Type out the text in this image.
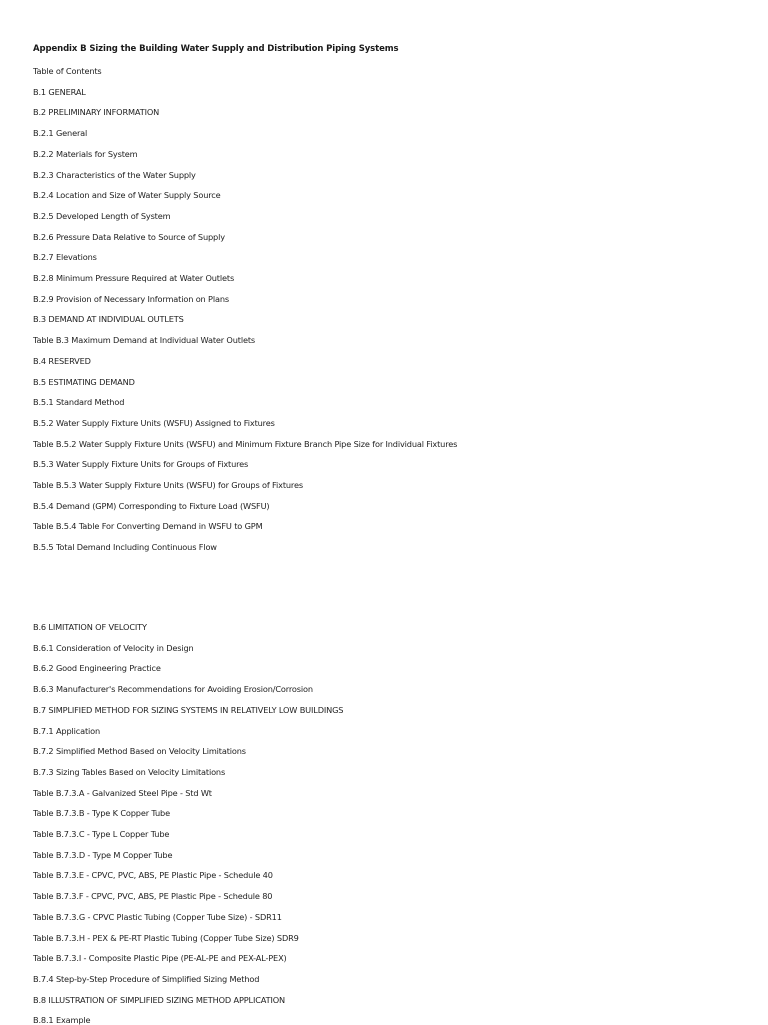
Appendix B Sizing the Building Water Supply and Distribution Piping Systems
Table of Contents
B.1 GENERAL
B.2 PRELIMINARY INFORMATION
B.2.1 General
B.2.2 Materials for System
B.2.3 Characteristics of the Water Supply
B.2.4 Location and Size of Water Supply Source
B.2.5 Developed Length of System
B.2.6 Pressure Data Relative to Source of Supply
B.2.7 Elevations
B.2.8 Minimum Pressure Required at Water Outlets
B.2.9 Provision of Necessary Information on Plans
B.3 DEMAND AT INDIVIDUAL OUTLETS
Table B.3 Maximum Demand at Individual Water Outlets
B.4 RESERVED
B.5 ESTIMATING DEMAND
B.5.1 Standard Method
B.5.2 Water Supply Fixture Units (WSFU) Assigned to Fixtures
Table B.5.2 Water Supply Fixture Units (WSFU) and Minimum Fixture Branch Pipe Size for Individual Fixtures
B.5.3 Water Supply Fixture Units for Groups of Fixtures
Table B.5.3 Water Supply Fixture Units (WSFU) for Groups of Fixtures
B.5.4 Demand (GPM) Corresponding to Fixture Load (WSFU)
Table B.5.4 Table For Converting Demand in WSFU to GPM
B.5.5 Total Demand Including Continuous Flow
B.6 LIMITATION OF VELOCITY
B.6.1 Consideration of Velocity in Design
B.6.2 Good Engineering Practice
B.6.3 Manufacturer's Recommendations for Avoiding Erosion/Corrosion
B.7 SIMPLIFIED METHOD FOR SIZING SYSTEMS IN RELATIVELY LOW BUILDINGS
B.7.1 Application
B.7.2 Simplified Method Based on Velocity Limitations
B.7.3 Sizing Tables Based on Velocity Limitations
Table B.7.3.A - Galvanized Steel Pipe - Std Wt
Table B.7.3.B - Type K Copper Tube
Table B.7.3.C - Type L Copper Tube
Table B.7.3.D - Type M Copper Tube
Table B.7.3.E - CPVC, PVC, ABS, PE Plastic Pipe - Schedule 40
Table B.7.3.F - CPVC, PVC, ABS, PE Plastic Pipe - Schedule 80
Table B.7.3.G - CPVC Plastic Tubing (Copper Tube Size) - SDR11
Table B.7.3.H - PEX & PE-RT Plastic Tubing (Copper Tube Size) SDR9
Table B.7.3.I - Composite Plastic Pipe (PE-AL-PE and PEX-AL-PEX)
B.7.4 Step-by-Step Procedure of Simplified Sizing Method
B.8 ILLUSTRATION OF SIMPLIFIED SIZING METHOD APPLICATION
B.8.1 Example
